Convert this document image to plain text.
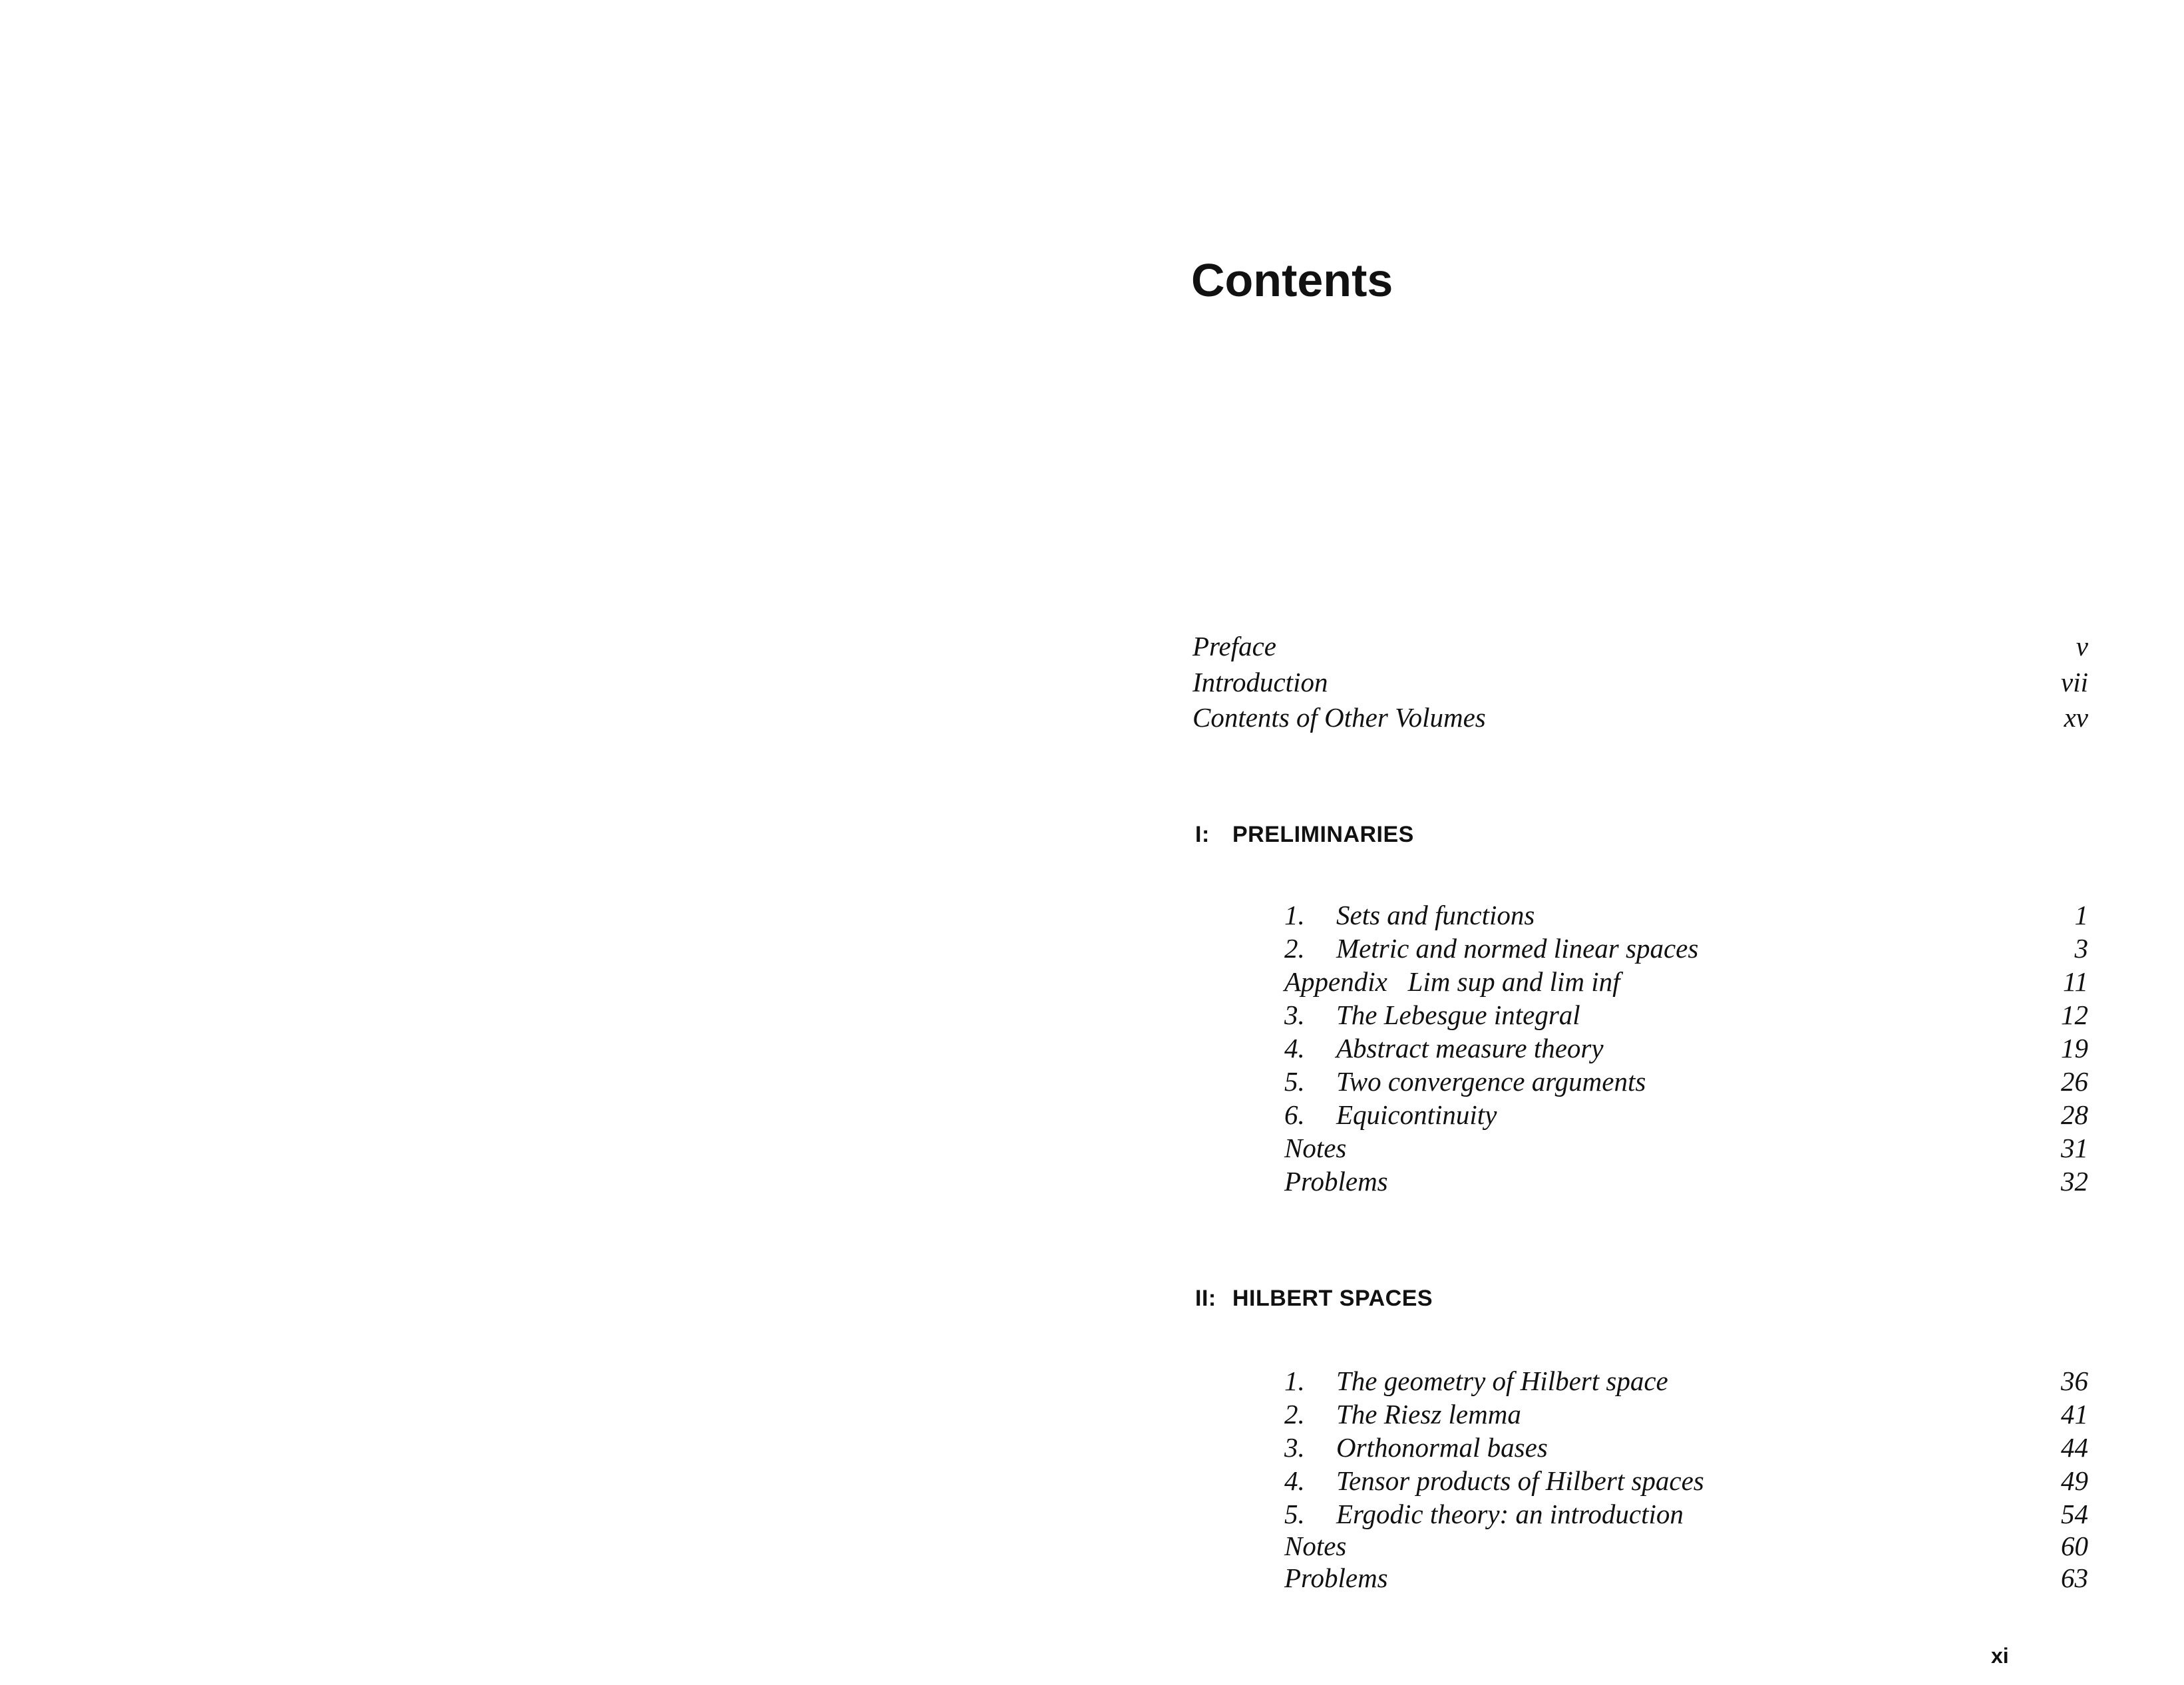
Contents
Preface	v
Introduction	vii
Contents of Other Volumes	xv
I: PRELIMINARIES
1. Sets and functions	1
2. Metric and normed linear spaces	3
Appendix   Lim sup and lim inf	11
3. The Lebesgue integral	12
4. Abstract measure theory	19
5. Two convergence arguments	26
6. Equicontinuity	28
Notes	31
Problems	32
II: HILBERT SPACES
1. The geometry of Hilbert space	36
2. The Riesz lemma	41
3. Orthonormal bases	44
4. Tensor products of Hilbert spaces	49
5. Ergodic theory: an introduction	54
Notes	60
Problems	63
xi
